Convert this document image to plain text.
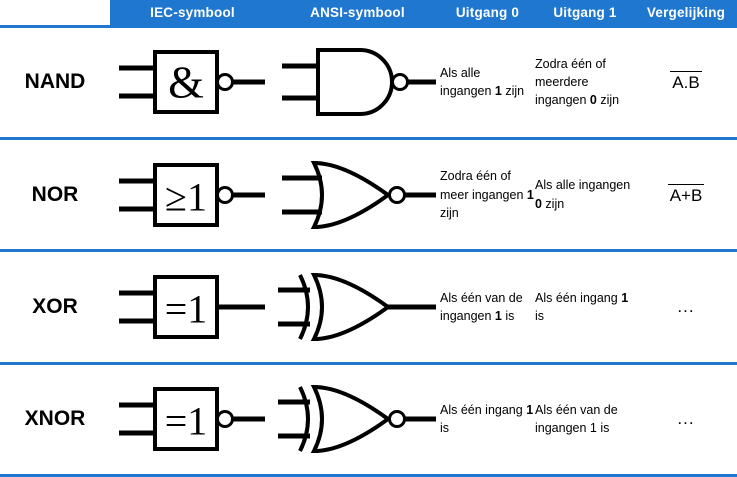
	IEC-symbool	ANSI-symbool	Uitgang 0	Uitgang 1	Vergelijking
NAND	&		Als alle ingangen 1 zijn	Zodra één of meerdere ingangen 0 zijn	A.B
NOR	≥1		Zodra één of meer ingangen 1 zijn	Als alle ingangen 0 zijn	A+B
XOR	=1		Als één van de ingangen 1 is	Als één ingang 1 is	...
XNOR	=1		Als één ingang 1 is	Als één van de ingangen 1 is	...
